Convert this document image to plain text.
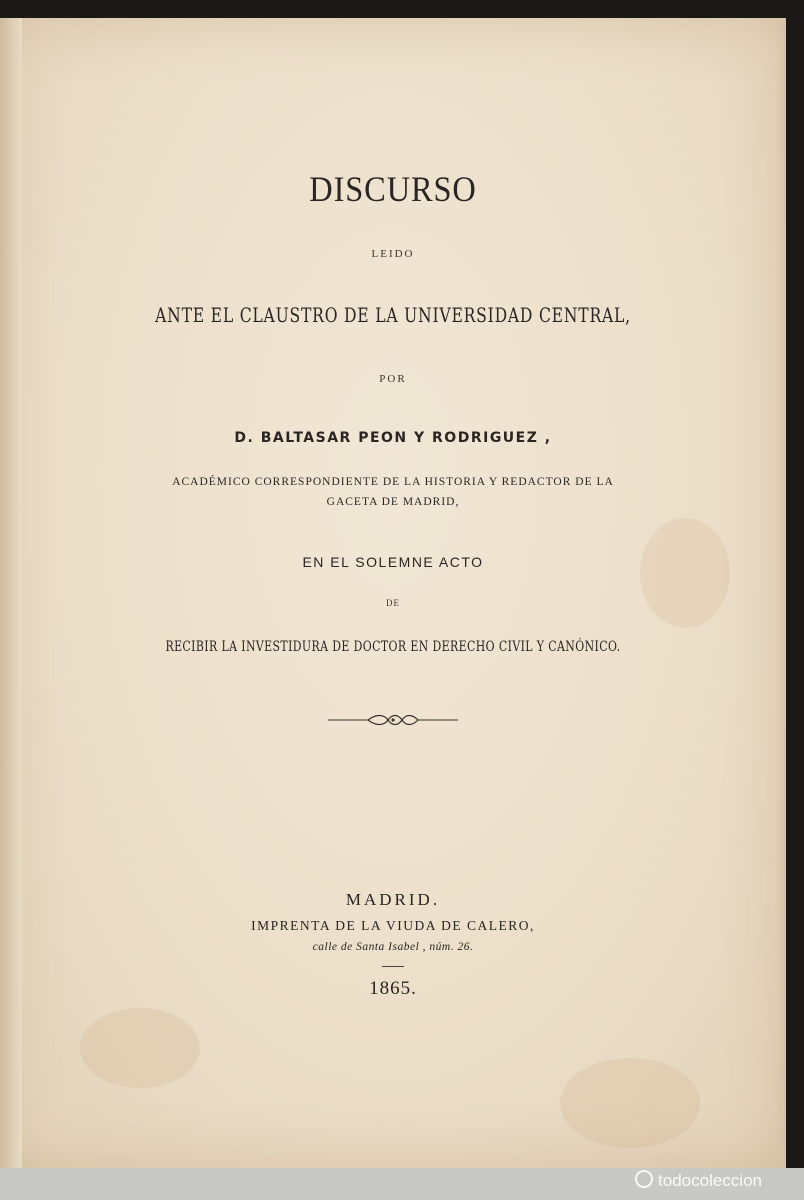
DISCURSO
LEIDO
ANTE EL CLAUSTRO DE LA UNIVERSIDAD CENTRAL,
POR
D. BALTASAR PEON Y RODRIGUEZ ,
ACADÉMICO CORRESPONDIENTE DE LA HISTORIA Y REDACTOR DE LA
GACETA DE MADRID,
EN EL SOLEMNE ACTO
DE
RECIBIR LA INVESTIDURA DE DOCTOR EN DERECHO CIVIL Y CANÓNICO.
MADRID.
IMPRENTA DE LA VIUDA DE CALERO,
calle de Santa Isabel , núm. 26.
1865.
todocoleccion
